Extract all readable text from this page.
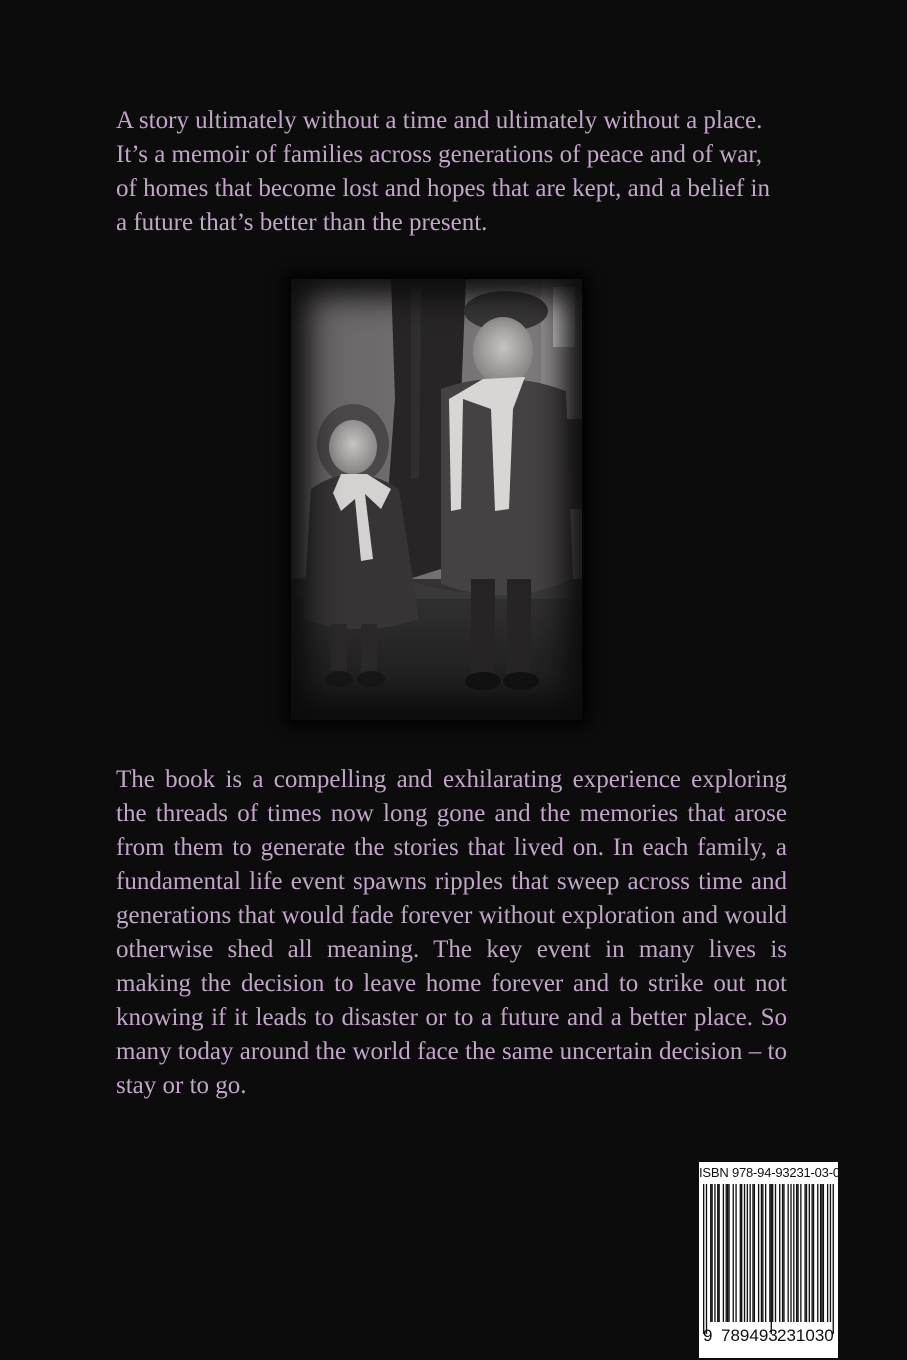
A story ultimately without a time and ultimately without a place. It’s a memoir of families across generations of peace and of war, of homes that become lost and hopes that are kept, and a belief in a future that’s better than the present.

The book is a compelling and exhilarating experience exploring the threads of times now long gone and the memories that arose from them to generate the stories that lived on. In each family, a fundamental life event spawns ripples that sweep across time and generations that would fade forever without exploration and would otherwise shed all meaning. The key event in many lives is making the decision to leave home forever and to strike out not knowing if it leads to disaster or to a future and a better place. So many today around the world face the same uncertain decision – to stay or to go.

ISBN 978-94-93231-03-0
9 789493 231030
